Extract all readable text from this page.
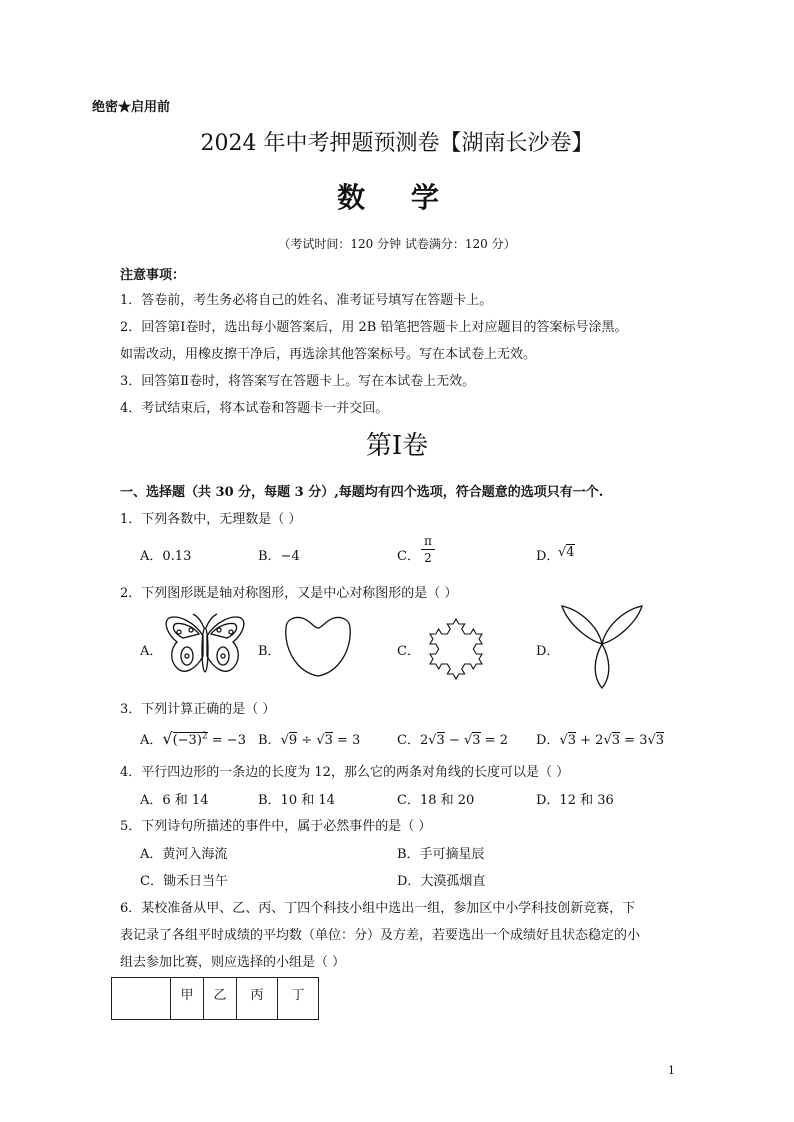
绝密★启用前
2024 年中考押题预测卷【湖南长沙卷】
数 学
（考试时间：120 分钟 试卷满分：120 分）
注意事项：
1．答卷前，考生务必将自己的姓名、准考证号填写在答题卡上。
2．回答第Ⅰ卷时，选出每小题答案后，用 2B 铅笔把答题卡上对应题目的答案标号涂黑。
如需改动，用橡皮擦干净后，再选涂其他答案标号。写在本试卷上无效。
3．回答第Ⅱ卷时，将答案写在答题卡上。写在本试卷上无效。
4．考试结束后，将本试卷和答题卡一并交回。
第Ⅰ卷
一、选择题（共 30 分，每题 3 分）,每题均有四个选项，符合题意的选项只有一个.
1．下列各数中，无理数是（ ）
A．0.13	B．−4	C．
π
2	D．
√4
2．下列图形既是轴对称图形，又是中心对称图形的是（ ）
A．	B．	C．	D．
3．下列计算正确的是（ ）
A．$√(-3)^2 = -3$ B．√9 ÷ √3 = 3	C．2√3 − √3 = 2 D．√3 + 2√3 = 3√3
4．平行四边形的一条边的长度为 12，那么它的两条对角线的长度可以是（ ）
A．6 和 14	B．10 和 14	C．18 和 20	D．12 和 36
5．下列诗句所描述的事件中，属于必然事件的是（ ）
A．黄河入海流	B．手可摘星辰
C．锄禾日当午	D．大漠孤烟直
6．某校准备从甲、乙、丙、丁四个科技小组中选出一组，参加区中小学科技创新竞赛，下
表记录了各组平时成绩的平均数（单位：分）及方差，若要选出一个成绩好且状态稳定的小
组去参加比赛，则应选择的小组是（ ）
	甲	乙	丙	丁
1
